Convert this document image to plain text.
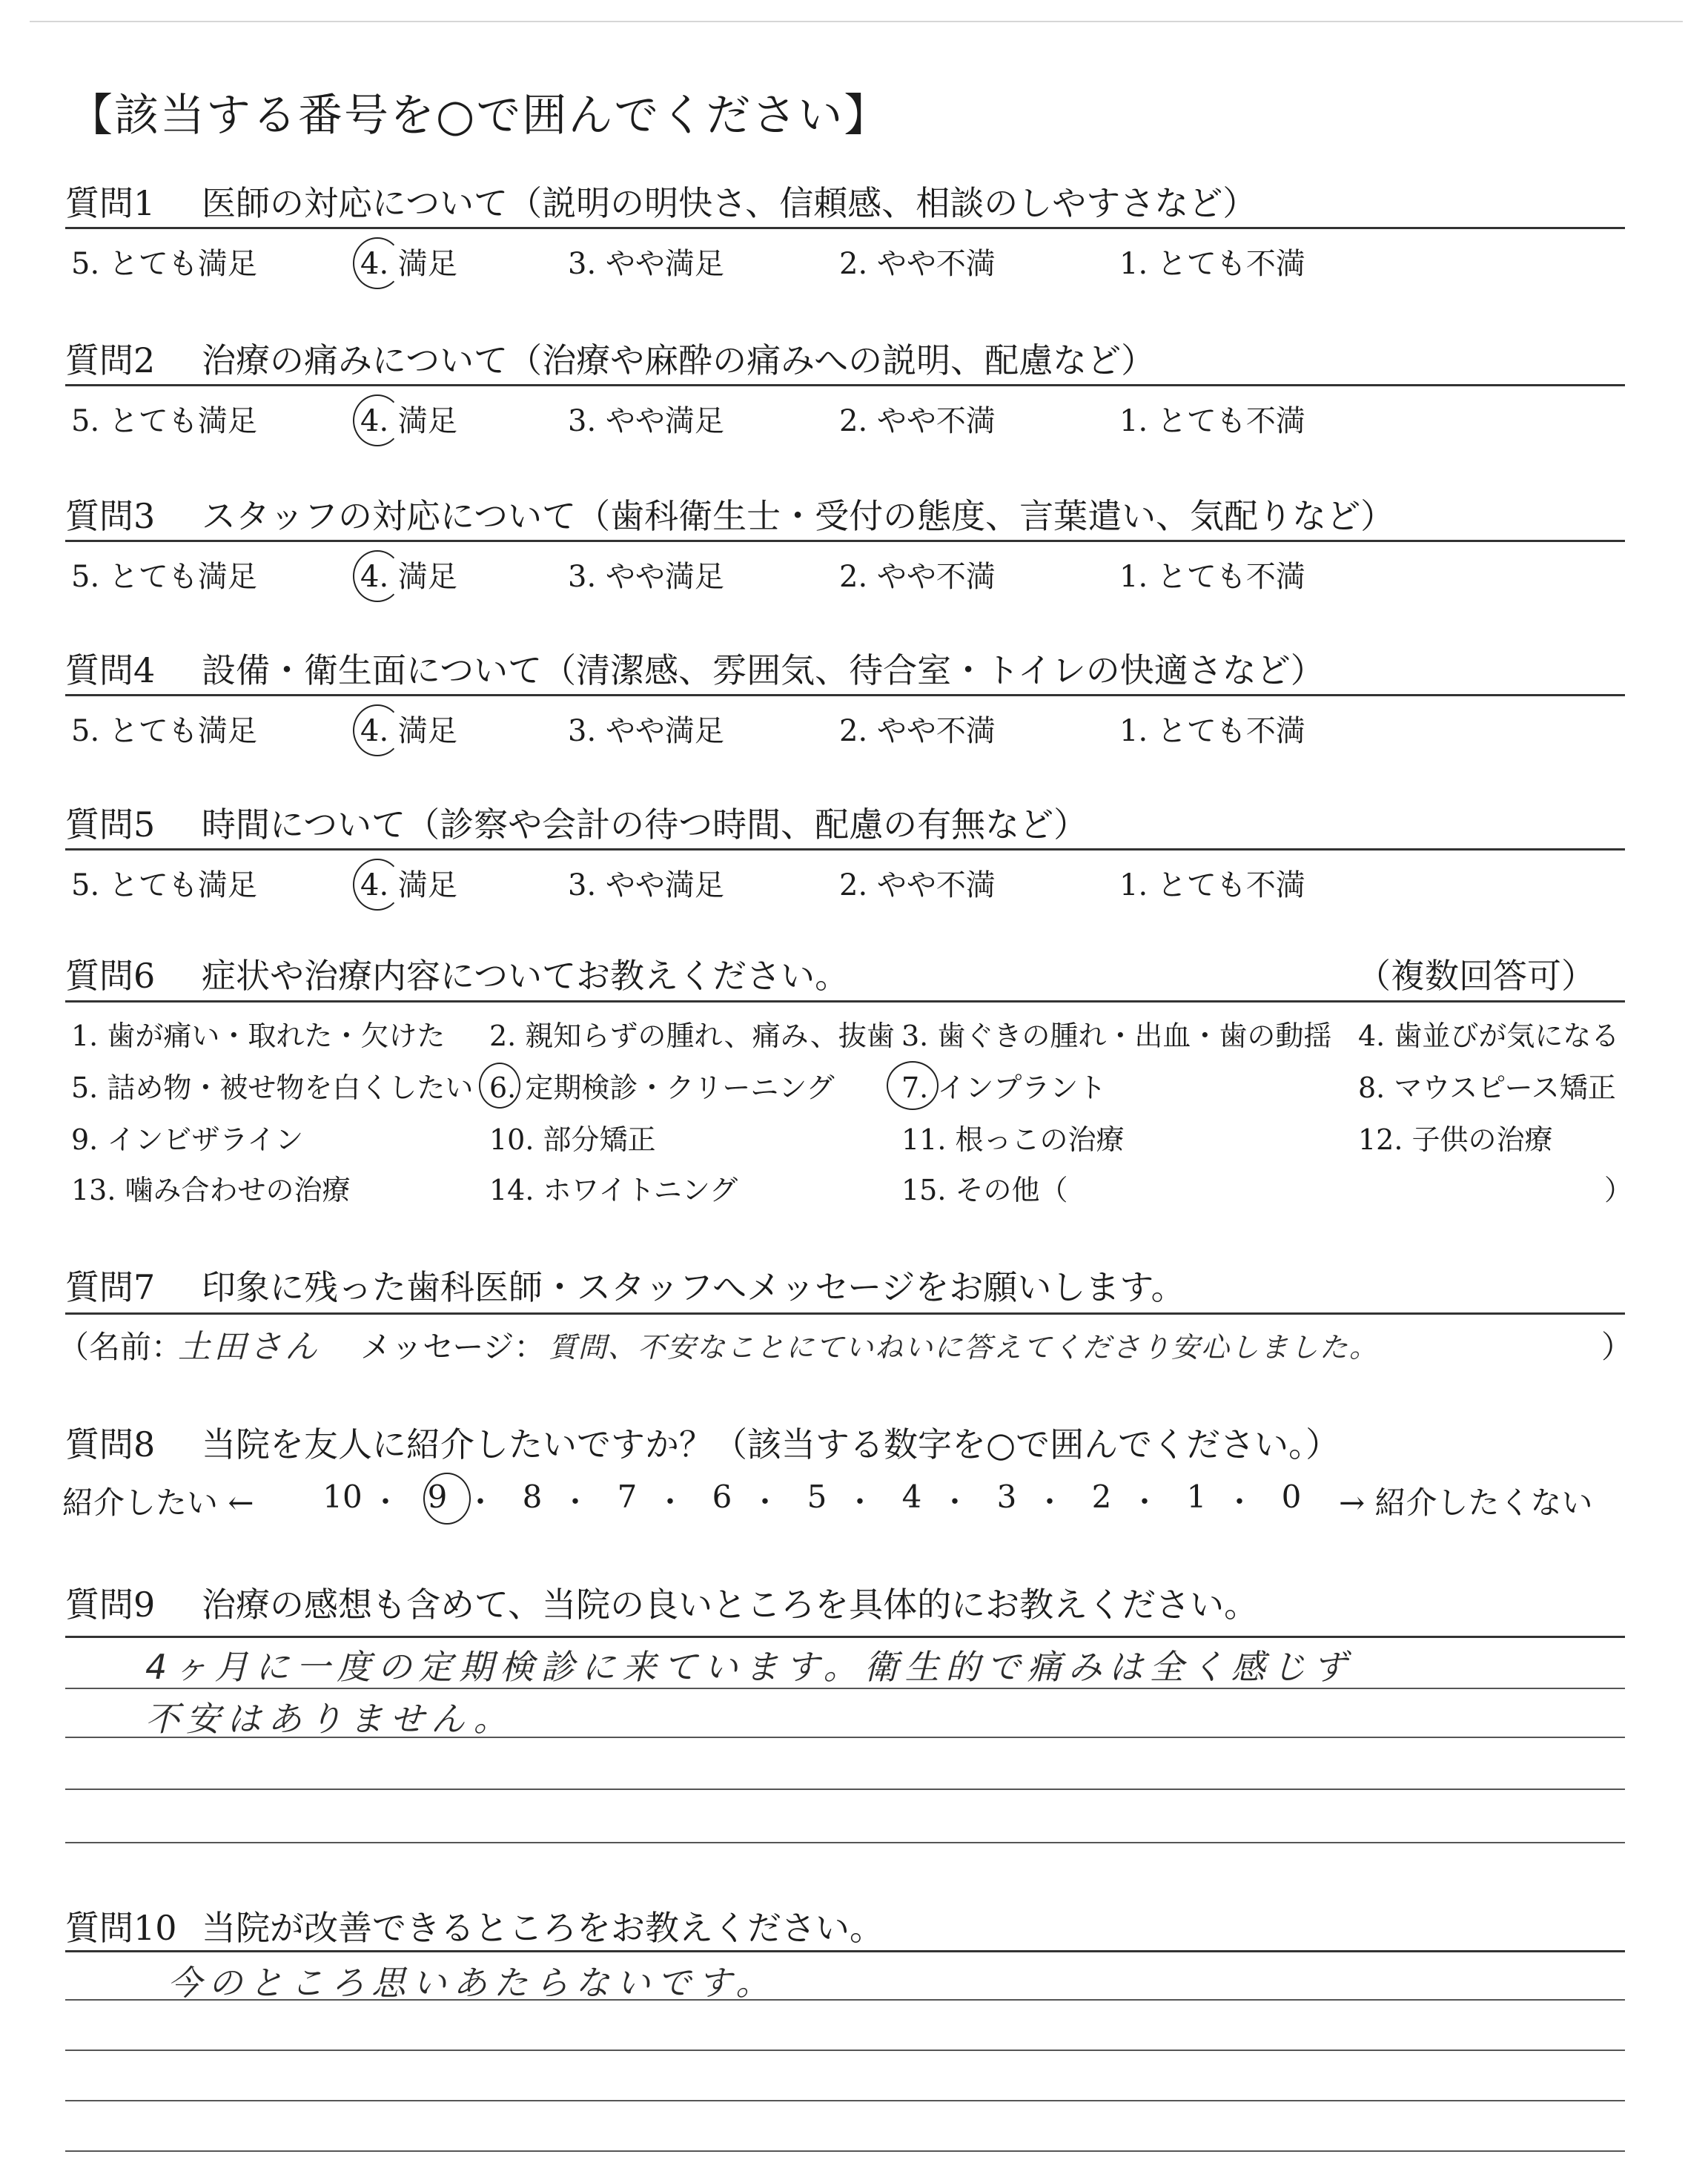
【該当する番号を○で囲んでください】
質問1 医師の対応について（説明の明快さ、信頼感、相談のしやすさなど）
5. とても満足	4. 満足	3. やや満足	2. やや不満	1. とても不満
質問2 治療の痛みについて（治療や麻酔の痛みへの説明、配慮など）
5. とても満足	4. 満足	3. やや満足	2. やや不満	1. とても不満
質問3 スタッフの対応について（歯科衛生士・受付の態度、言葉遣い、気配りなど）
5. とても満足	4. 満足	3. やや満足	2. やや不満	1. とても不満
質問4 設備・衛生面について（清潔感、雰囲気、待合室・トイレの快適さなど）
5. とても満足	4. 満足	3. やや満足	2. やや不満	1. とても不満
質問5 時間について（診察や会計の待つ時間、配慮の有無など）
5. とても満足	4. 満足	3. やや満足	2. やや不満	1. とても不満
質問6 症状や治療内容についてお教えください。	（複数回答可）
1. 歯が痛い・取れた・欠けた 2. 親知らずの腫れ、痛み、抜歯 3. 歯ぐきの腫れ・出血・歯の動揺 4. 歯並びが気になる
5. 詰め物・被せ物を白くしたい 6. 定期検診・クリーニング 7. インプラント	8. マウスピース矯正
9. インビザライン	10. 部分矯正	11. 根っこの治療	12. 子供の治療
13. 噛み合わせの治療	14. ホワイトニング	15. その他（	）
質問7 印象に残った歯科医師・スタッフへメッセージをお願いします。
（名前：
土田さん メッセージ： 質問、不安なことにていねいに答えてくださり安心しました。	）
質問8 当院を友人に紹介したいですか？（該当する数字を○で囲んでください。）
紹介したい ← 10 ・ 9 ・ 8 ・ 7 ・ 6 ・ 5 ・ 4 ・ 3 ・ 2 ・ 1 ・ 0	→ 紹介したくない
質問9 治療の感想も含めて、当院の良いところを具体的にお教えください。
4ヶ月に一度の定期検診に来ています。衛生的で痛みは全く感じず
不安はありません。
質問10 当院が改善できるところをお教えください。
今のところ思いあたらないです。
